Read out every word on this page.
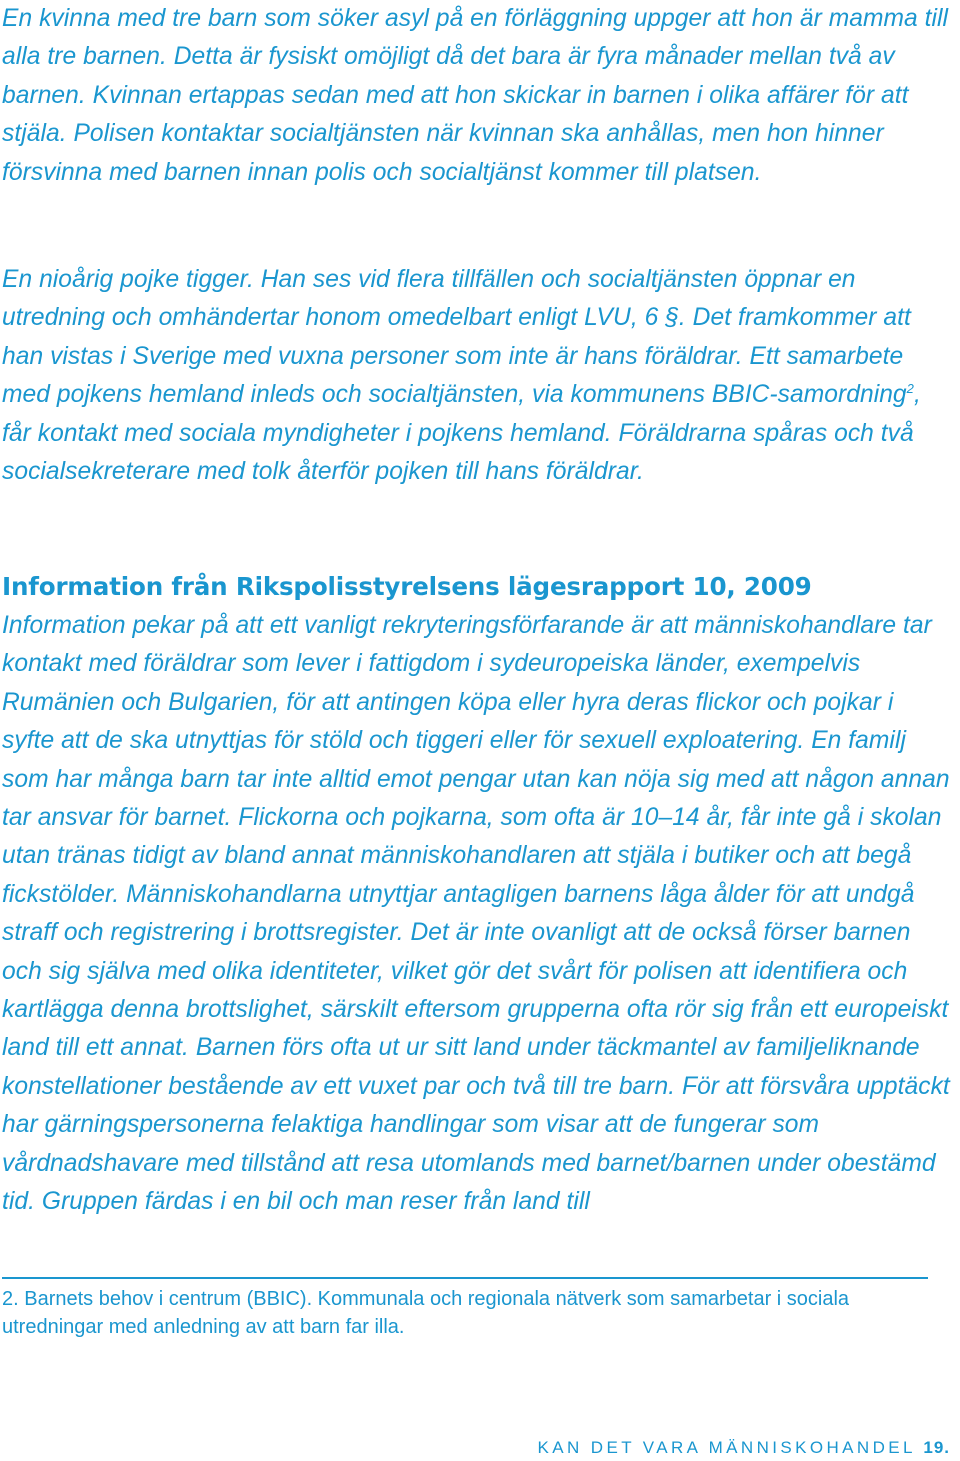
En kvinna med tre barn som söker asyl på en förläggning uppger att hon är mamma till alla tre barnen. Detta är fysiskt omöjligt då det bara är fyra månader mellan två av barnen. Kvinnan ertappas sedan med att hon skickar in barnen i olika affärer för att stjäla. Polisen kontaktar socialtjänsten när kvinnan ska anhållas, men hon hinner försvinna med barnen innan polis och socialtjänst kommer till platsen.

En nioårig pojke tigger. Han ses vid flera tillfällen och socialtjänsten öppnar en utredning och omhändertar honom omedelbart enligt LVU, 6 §. Det framkommer att han vistas i Sverige med vuxna personer som inte är hans föräldrar. Ett samarbete med pojkens hemland inleds och socialtjänsten, via kommunens BBIC-samordning$^2$, får kontakt med sociala myndigheter i pojkens hemland. Föräldrarna spåras och två socialsekreterare med tolk återför pojken till hans föräldrar.

Information från Rikspolisstyrelsens lägesrapport 10, 2009

Information pekar på att ett vanligt rekryteringsförfarande är att människohandlare tar kontakt med föräldrar som lever i fattigdom i sydeuropeiska länder, exempelvis Rumänien och Bulgarien, för att antingen köpa eller hyra deras flickor och pojkar i syfte att de ska utnyttjas för stöld och tiggeri eller för sexuell exploatering. En familj som har många barn tar inte alltid emot pengar utan kan nöja sig med att någon annan tar ansvar för barnet. Flickorna och pojkarna, som ofta är 10–14 år, får inte gå i skolan utan tränas tidigt av bland annat människohandlaren att stjäla i butiker och att begå fickstölder. Människohandlarna utnyttjar antagligen barnens låga ålder för att undgå straff och registrering i brottsregister. Det är inte ovanligt att de också förser barnen och sig själva med olika identiteter, vilket gör det svårt för polisen att identifiera och kartlägga denna brottslighet, särskilt eftersom grupperna ofta rör sig från ett europeiskt land till ett annat. Barnen förs ofta ut ur sitt land under täckmantel av familjeliknande konstellationer bestående av ett vuxet par och två till tre barn. För att försvåra upptäckt har gärningspersonerna felaktiga handlingar som visar att de fungerar som vårdnadshavare med tillstånd att resa utomlands med barnet/barnen under obestämd tid. Gruppen färdas i en bil och man reser från land till

2. Barnets behov i centrum (BBIC). Kommunala och regionala nätverk som samarbetar i sociala utredningar med anledning av att barn far illa.

KAN DET VARA MÄNNISKOHANDEL 19.
